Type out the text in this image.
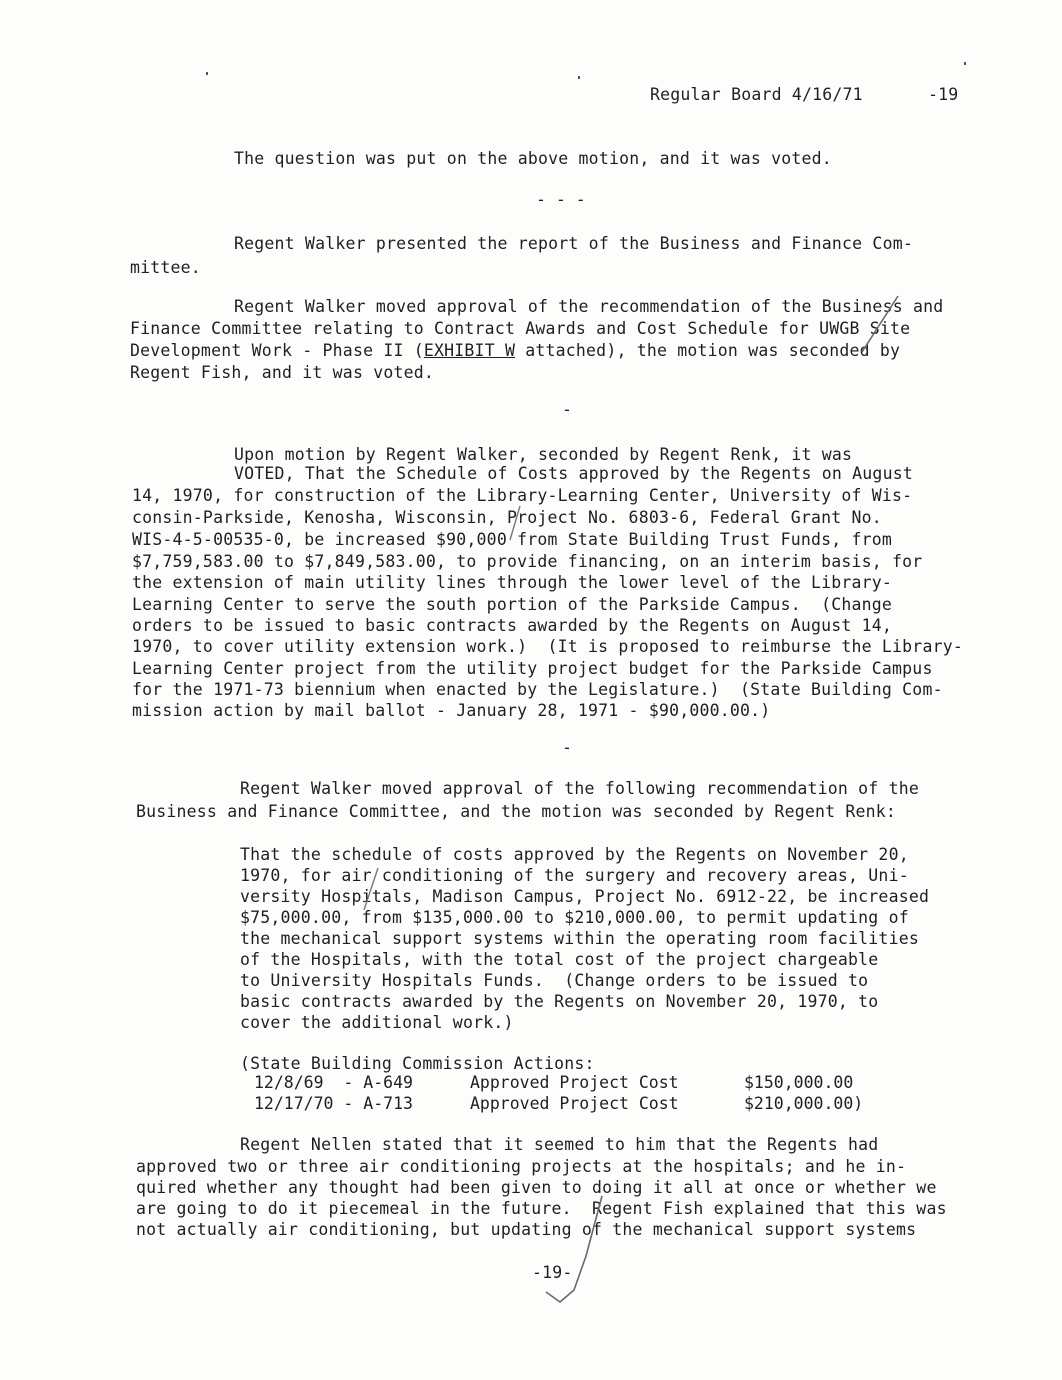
Regular Board 4/16/71	-19
The question was put on the above motion, and it was voted.
- - -
Regent Walker presented the report of the Business and Finance Com-
mittee.
Regent Walker moved approval of the recommendation of the Business and
Finance Committee relating to Contract Awards and Cost Schedule for UWGB Site
Development Work - Phase II (EXHIBIT W attached), the motion was seconded by
Regent Fish, and it was voted.
-
Upon motion by Regent Walker, seconded by Regent Renk, it was
VOTED, That the Schedule of Costs approved by the Regents on August
14, 1970, for construction of the Library-Learning Center, University of Wis-
consin-Parkside, Kenosha, Wisconsin, Project No. 6803-6, Federal Grant No.
WIS-4-5-00535-0, be increased $90,000 from State Building Trust Funds, from
$7,759,583.00 to $7,849,583.00, to provide financing, on an interim basis, for
the extension of main utility lines through the lower level of the Library-
Learning Center to serve the south portion of the Parkside Campus.  (Change
orders to be issued to basic contracts awarded by the Regents on August 14,
1970, to cover utility extension work.)  (It is proposed to reimburse the Library-
Learning Center project from the utility project budget for the Parkside Campus
for the 1971-73 biennium when enacted by the Legislature.)  (State Building Com-
mission action by mail ballot - January 28, 1971 - $90,000.00.)
-
Regent Walker moved approval of the following recommendation of the
Business and Finance Committee, and the motion was seconded by Regent Renk:
That the schedule of costs approved by the Regents on November 20,
1970, for air conditioning of the surgery and recovery areas, Uni-
versity Hospitals, Madison Campus, Project No. 6912-22, be increased
$75,000.00, from $135,000.00 to $210,000.00, to permit updating of
the mechanical support systems within the operating room facilities
of the Hospitals, with the total cost of the project chargeable
to University Hospitals Funds.  (Change orders to be issued to
basic contracts awarded by the Regents on November 20, 1970, to
cover the additional work.)
(State Building Commission Actions:
12/8/69  - A-649	Approved Project Cost	$150,000.00
12/17/70 - A-713	Approved Project Cost	$210,000.00)
Regent Nellen stated that it seemed to him that the Regents had
approved two or three air conditioning projects at the hospitals; and he in-
quired whether any thought had been given to doing it all at once or whether we
are going to do it piecemeal in the future.  Regent Fish explained that this was
not actually air conditioning, but updating of the mechanical support systems
-19-
